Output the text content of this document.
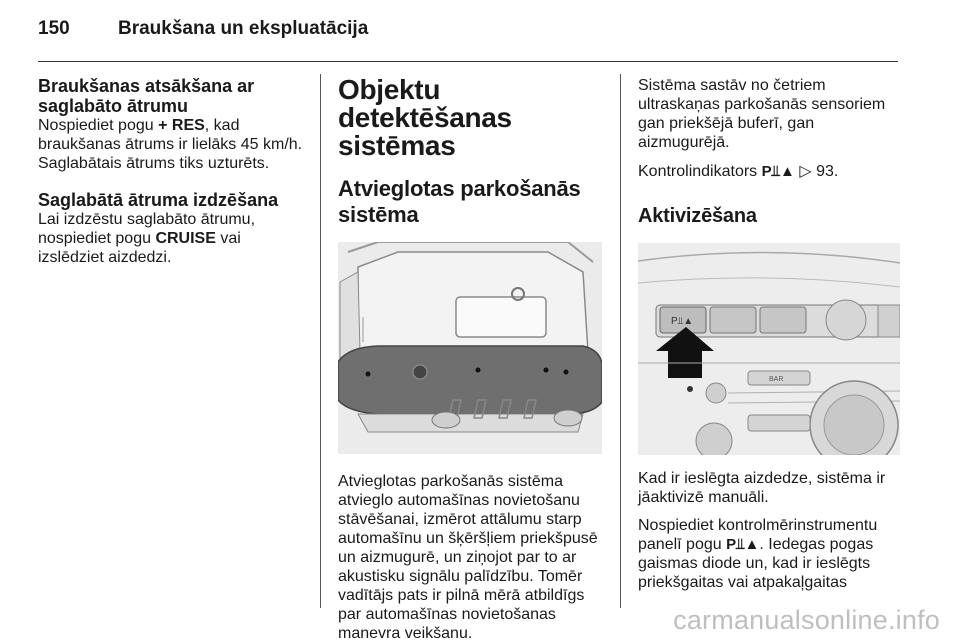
150	Braukšana un ekspluatācija
Braukšanas atsākšana ar saglabāto ātrumu

Nospiediet pogu + RES, kad braukšanas ātrums ir lielāks 45 km/h. Saglabātais ātrums tiks uzturēts.

Saglabātā ātruma izdzēšana

Lai izdzēstu saglabāto ātrumu, nospiediet pogu CRUISE vai izslēdziet aizdedzi.

Objektu detektēšanas sistēmas
Atvieglotas parkošanās sistēma

Atvieglotas parkošanās sistēma atvieglo automašīnas novietošanu stāvēšanai, izmērot attālumu starp automašīnu un šķēršļiem priekšpusē un aizmugurē, un ziņojot par to ar akustisku signālu palīdzību. Tomēr vadītājs pats ir pilnā mērā atbildīgs par automašīnas novietošanas manevra veikšanu.

Sistēma sastāv no četriem ultraskaņas parkošanās sensoriem gan priekšējā buferī, gan aizmugurējā.

Kontrolindikators P⫫▲ ▷ 93.

Aktivizēšana
P⫫▲
BAR

Kad ir ieslēgta aizdedze, sistēma ir jāaktivizē manuāli.

Nospiediet kontrolmērinstrumentu panelī pogu P⫫▲. Iedegas pogas gaismas diode un, kad ir ieslēgts priekšgaitas vai atpakaļgaitas

carmanualsonline.info
